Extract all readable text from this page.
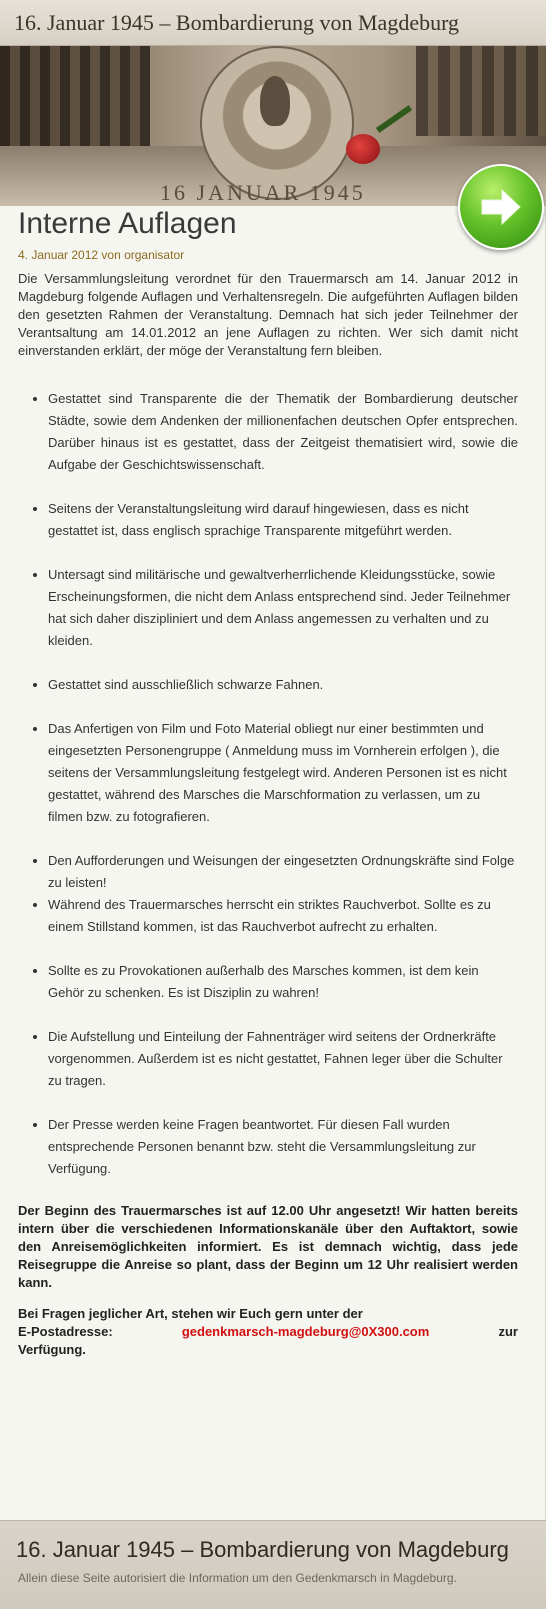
16. Januar 1945 – Bombardierung von Magdeburg
16 JANUAR 1945
Interne Auflagen
4. Januar 2012 von organisator

Die Versammlungsleitung verordnet für den Trauermarsch am 14. Januar 2012 in Magdeburg folgende Auflagen und Verhaltensregeln. Die aufgeführten Auflagen bilden den gesetzten Rahmen der Veranstaltung. Demnach hat sich jeder Teilnehmer der Verantsaltung am 14.01.2012 an jene Auflagen zu richten. Wer sich damit nicht einverstanden erklärt, der möge der Veranstaltung fern bleiben.

• Gestattet sind Transparente die der Thematik der Bombardierung deutscher Städte, sowie dem Andenken der millionenfachen deutschen Opfer entsprechen. Darüber hinaus ist es gestattet, dass der Zeitgeist thematisiert wird, sowie die Aufgabe der Geschichtswissenschaft.
• Seitens der Veranstaltungsleitung wird darauf hingewiesen, dass es nicht gestattet ist, dass englisch sprachige Transparente mitgeführt werden.
• Untersagt sind militärische und gewaltverherrlichende Kleidungsstücke, sowie Erscheinungsformen, die nicht dem Anlass entsprechend sind. Jeder Teilnehmer hat sich daher diszipliniert und dem Anlass angemessen zu verhalten und zu kleiden.
• Gestattet sind ausschließlich schwarze Fahnen.
• Das Anfertigen von Film und Foto Material obliegt nur einer bestimmten und eingesetzten Personengruppe ( Anmeldung muss im Vornherein erfolgen ), die seitens der Versammlungsleitung festgelegt wird. Anderen Personen ist es nicht gestattet, während des Marsches die Marschformation zu verlassen, um zu filmen bzw. zu fotografieren.
• Den Aufforderungen und Weisungen der eingesetzten Ordnungskräfte sind Folge zu leisten!
• Während des Trauermarsches herrscht ein striktes Rauchverbot. Sollte es zu einem Stillstand kommen, ist das Rauchverbot aufrecht zu erhalten.
• Sollte es zu Provokationen außerhalb des Marsches kommen, ist dem kein Gehör zu schenken. Es ist Disziplin zu wahren!
• Die Aufstellung und Einteilung der Fahnenträger wird seitens der Ordnerkräfte vorgenommen. Außerdem ist es nicht gestattet, Fahnen leger über die Schulter zu tragen.
• Der Presse werden keine Fragen beantwortet. Für diesen Fall wurden entsprechende Personen benannt bzw. steht die Versammlungsleitung zur Verfügung.

Der Beginn des Trauermarsches ist auf 12.00 Uhr angesetzt! Wir hatten bereits intern über die verschiedenen Informationskanäle über den Auftaktort, sowie den Anreisemöglichkeiten informiert. Es ist demnach wichtig, dass jede Reisegruppe die Anreise so plant, dass der Beginn um 12 Uhr realisiert werden kann.

Bei Fragen jeglicher Art, stehen wir Euch gern unter der
E-Postadresse:	gedenkmarsch-magdeburg@0X300.com	zur
Verfügung.
16. Januar 1945 – Bombardierung von Magdeburg
Allein diese Seite autorisiert die Information um den Gedenkmarsch in Magdeburg.
